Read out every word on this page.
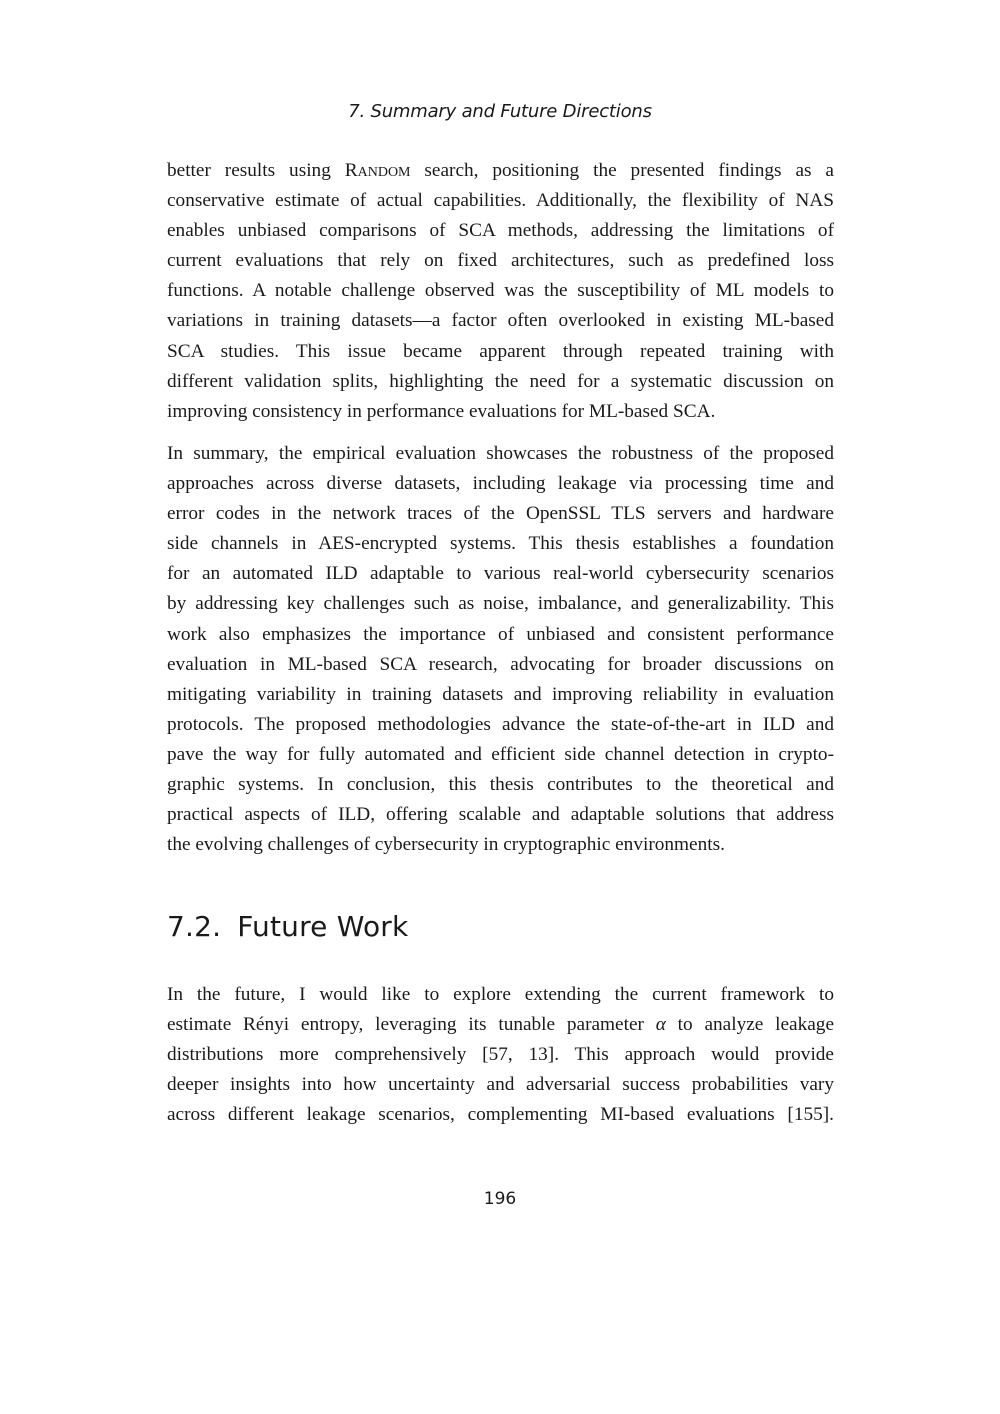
7. Summary and Future Directions

better results using Random search, positioning the presented findings as a
conservative estimate of actual capabilities. Additionally, the flexibility of NAS
enables unbiased comparisons of SCA methods, addressing the limitations of
current evaluations that rely on fixed architectures, such as predefined loss
functions. A notable challenge observed was the susceptibility of ML models to
variations in training datasets—a factor often overlooked in existing ML-based
SCA studies. This issue became apparent through repeated training with
different validation splits, highlighting the need for a systematic discussion on
improving consistency in performance evaluations for ML-based SCA.

In summary, the empirical evaluation showcases the robustness of the proposed
approaches across diverse datasets, including leakage via processing time and
error codes in the network traces of the OpenSSL TLS servers and hardware
side channels in AES-encrypted systems. This thesis establishes a foundation
for an automated ILD adaptable to various real-world cybersecurity scenarios
by addressing key challenges such as noise, imbalance, and generalizability. This
work also emphasizes the importance of unbiased and consistent performance
evaluation in ML-based SCA research, advocating for broader discussions on
mitigating variability in training datasets and improving reliability in evaluation
protocols. The proposed methodologies advance the state-of-the-art in ILD and
pave the way for fully automated and efficient side channel detection in crypto-
graphic systems. In conclusion, this thesis contributes to the theoretical and
practical aspects of ILD, offering scalable and adaptable solutions that address
the evolving challenges of cybersecurity in cryptographic environments.

7.2. Future Work

In the future, I would like to explore extending the current framework to
estimate Rényi entropy, leveraging its tunable parameter α to analyze leakage
distributions more comprehensively [57, 13]. This approach would provide
deeper insights into how uncertainty and adversarial success probabilities vary
across different leakage scenarios, complementing MI-based evaluations [155].

196
